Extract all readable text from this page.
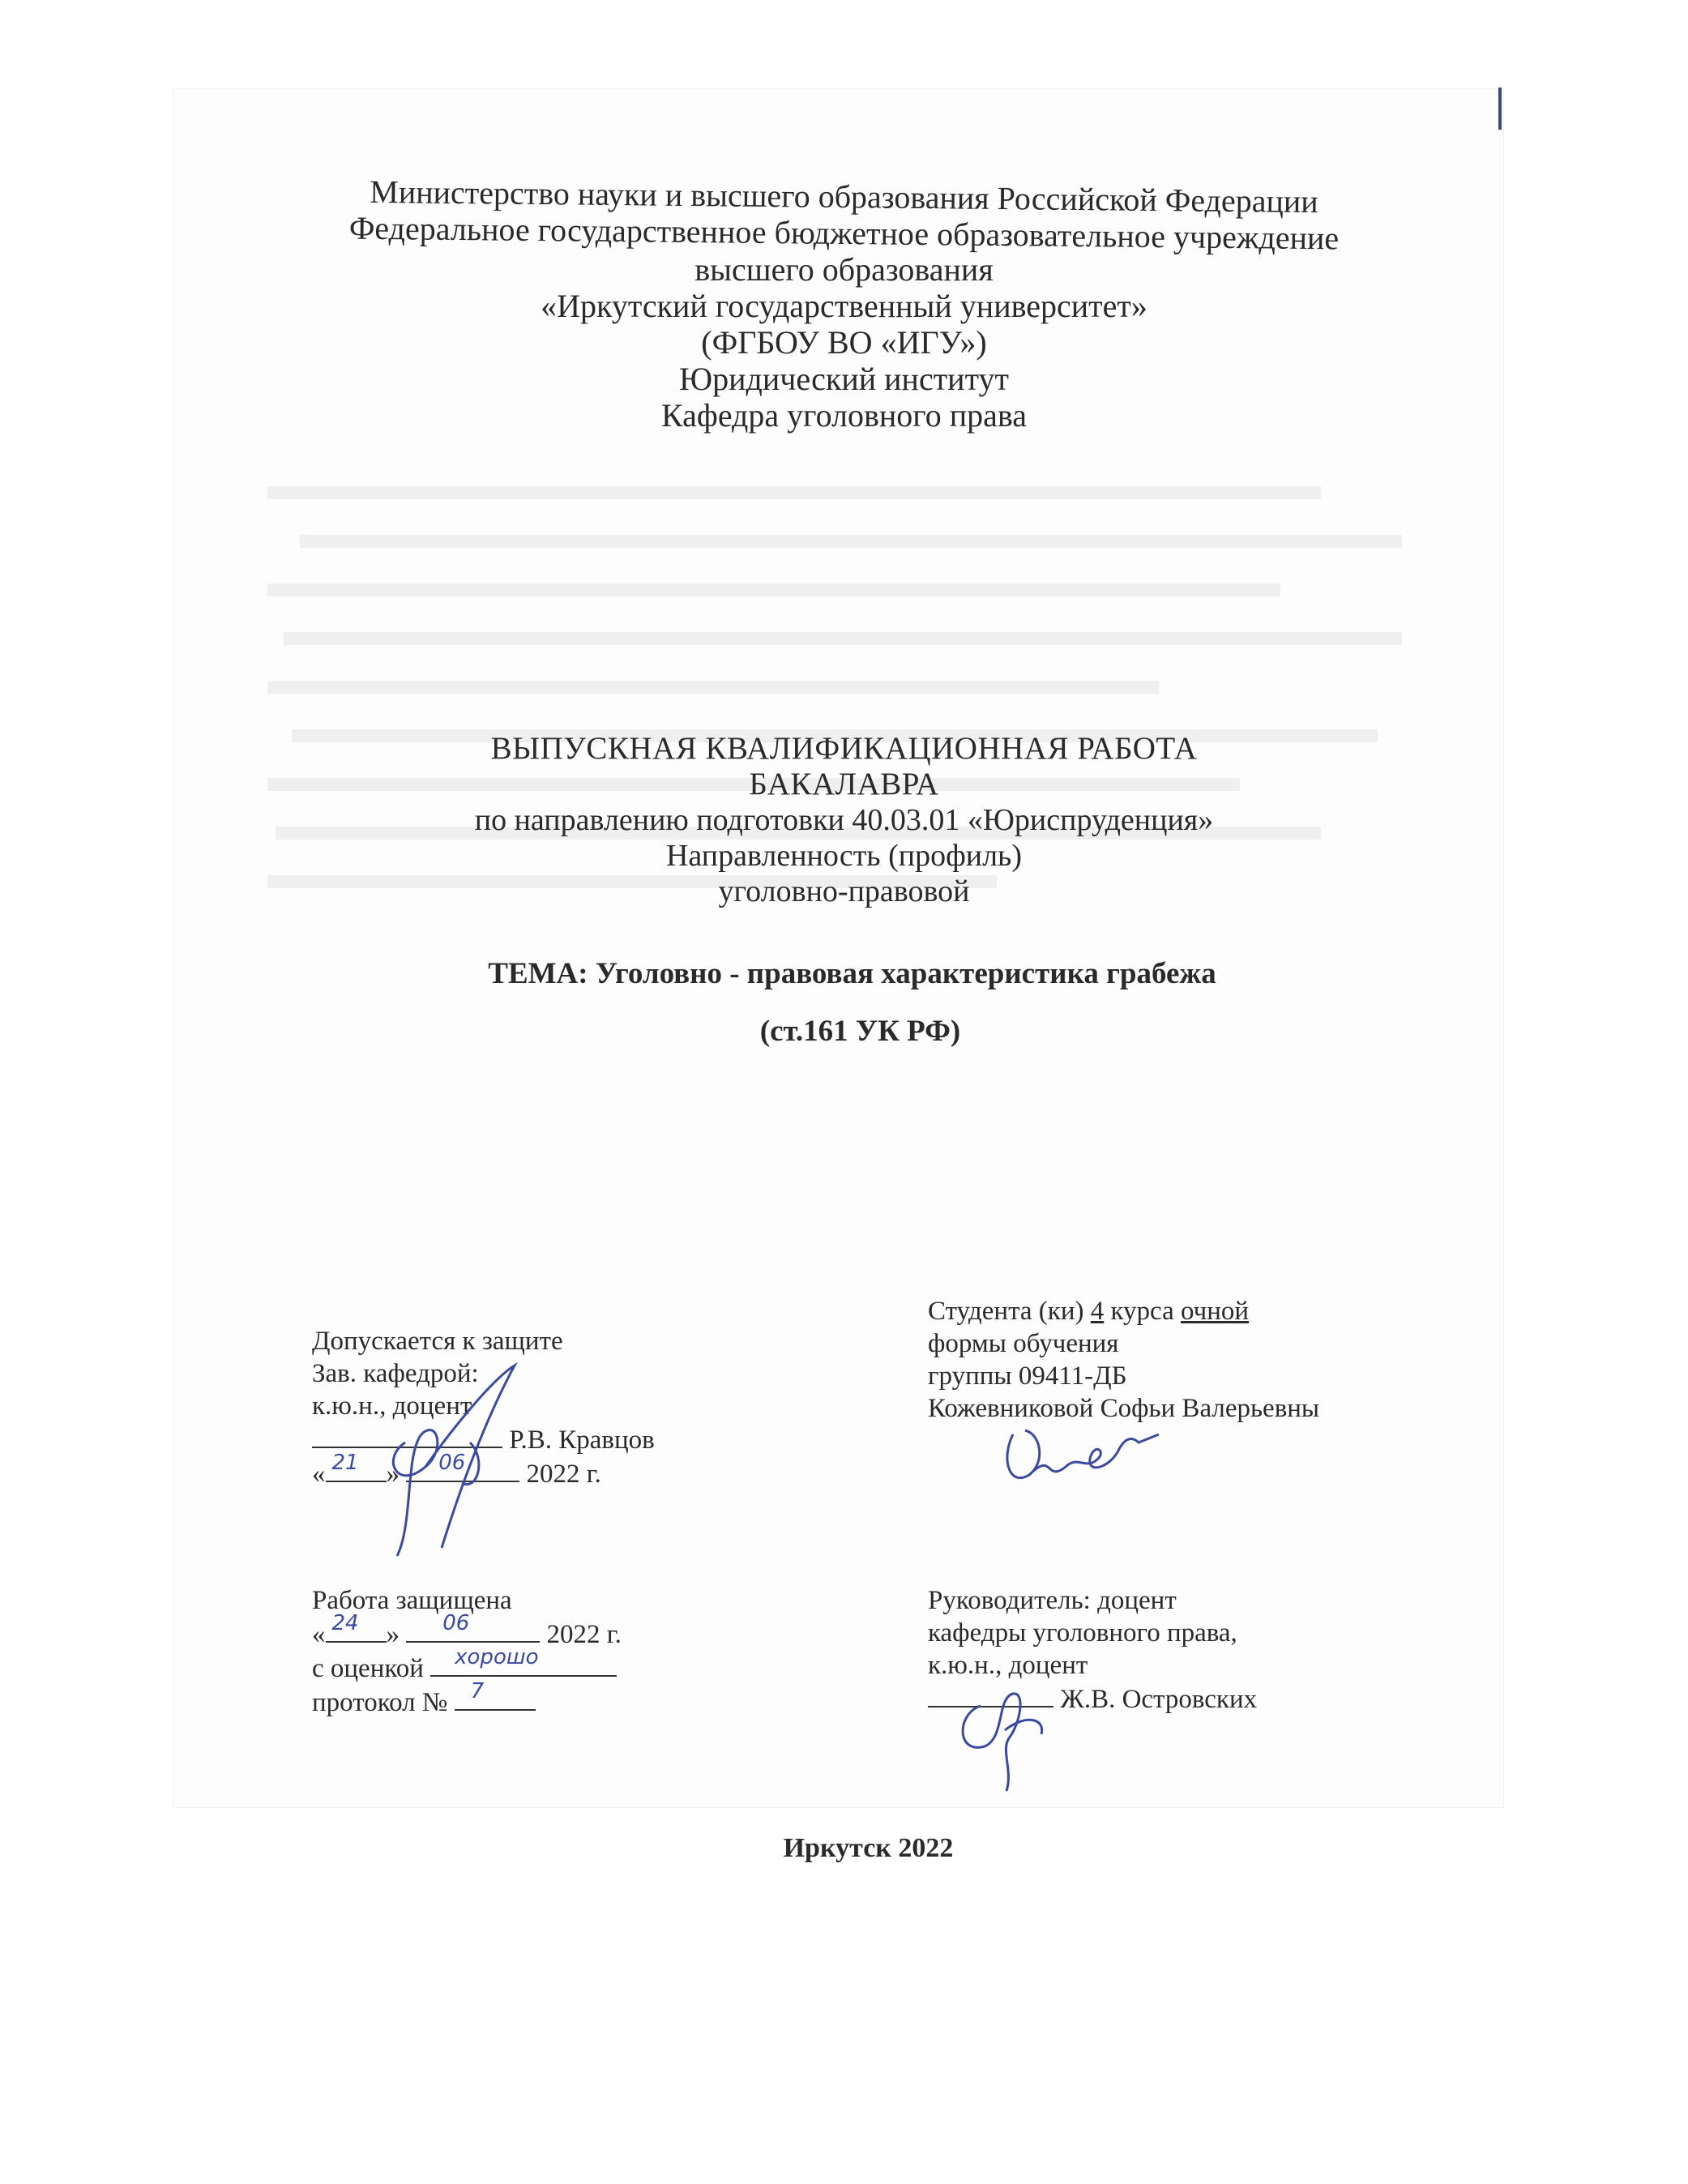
Министерство науки и высшего образования Российской Федерации
Федеральное государственное бюджетное образовательное учреждение
высшего образования
«Иркутский государственный университет»
(ФГБОУ ВО «ИГУ»)
Юридический институт
Кафедра уголовного права
ВЫПУСКНАЯ КВАЛИФИКАЦИОННАЯ РАБОТА
БАКАЛАВРА
по направлению подготовки 40.03.01 «Юриспруденция»
Направленность (профиль)
уголовно-правовой
ТЕМА: Уголовно - правовая характеристика грабежа
(ст.161 УК РФ)
Допускается к защите
Зав. кафедрой:
к.ю.н., доцент
Р.В. Кравцов
« 21 » 06 2022 г.
Студента (ки) 4 курса очной
формы обучения
группы 09411-ДБ
Кожевниковой Софьи Валерьевны
Работа защищена
« 24 » 06	2022 г.
с оценкой хорошо
протокол № 7
Руководитель: доцент
кафедры уголовного права,
к.ю.н., доцент
Ж.В. Островских
Иркутск 2022
